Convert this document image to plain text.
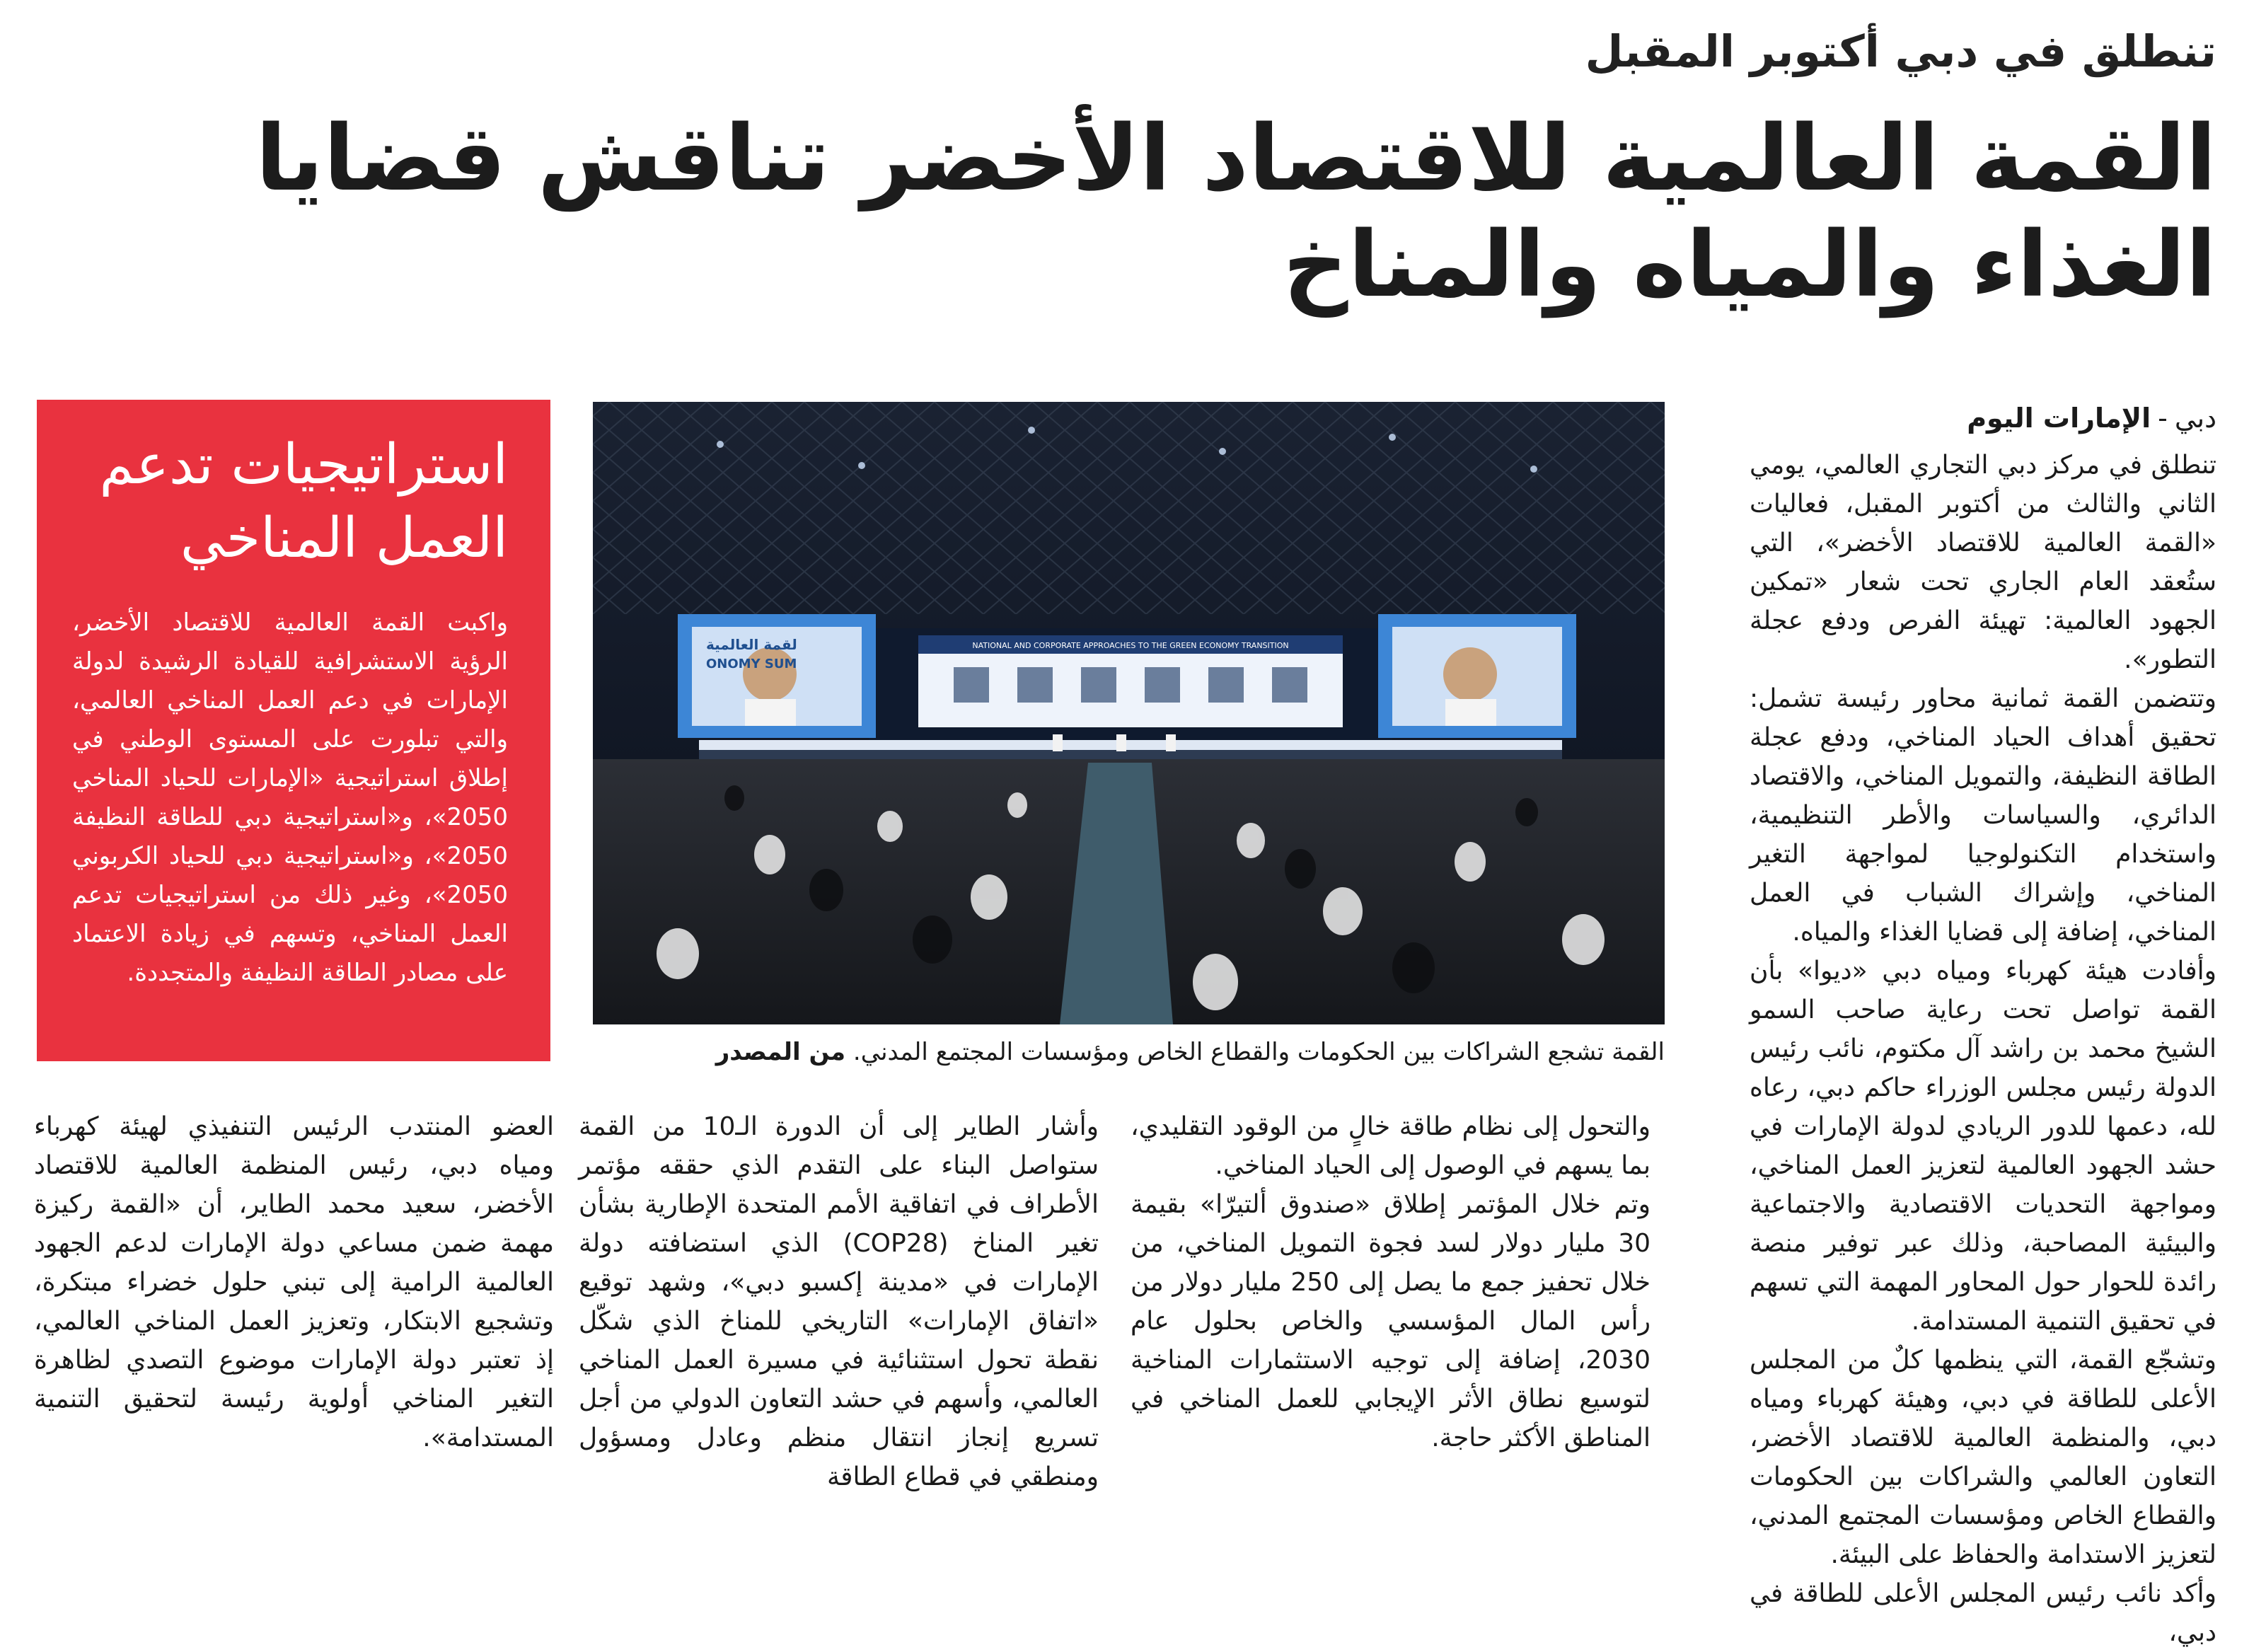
تنطلق في دبي أكتوبر المقبل
القمة العالمية للاقتصاد الأخضر تناقش قضايا الغذاء والمياه والمناخ
دبي-الإمارات اليوم

تنطلق في مركز دبي التجاري العالمي، يومي الثاني والثالث من أكتوبر المقبل، فعاليات «القمة العالمية للاقتصاد الأخضر»، التي ستُعقد العام الجاري تحت شعار «تمكين الجهود العالمية: تهيئة الفرص ودفع عجلة التطور».

وتتضمن القمة ثمانية محاور رئيسة تشمل: تحقيق أهداف الحياد المناخي، ودفع عجلة الطاقة النظيفة، والتمويل المناخي، والاقتصاد الدائري، والسياسات والأطر التنظيمية، واستخدام التكنولوجيا لمواجهة التغير المناخي، وإشراك الشباب في العمل المناخي، إضافة إلى قضايا الغذاء والمياه.

وأفادت هيئة كهرباء ومياه دبي «ديوا» بأن القمة تواصل تحت رعاية صاحب السمو الشيخ محمد بن راشد آل مكتوم، نائب رئيس الدولة رئيس مجلس الوزراء حاكم دبي، رعاه لله، دعمها للدور الريادي لدولة الإمارات في حشد الجهود العالمية لتعزيز العمل المناخي، ومواجهة التحديات الاقتصادية والاجتماعية والبيئية المصاحبة، وذلك عبر توفير منصة رائدة للحوار حول المحاور المهمة التي تسهم في تحقيق التنمية المستدامة.

وتشجّع القمة، التي ينظمها كلٌ من المجلس الأعلى للطاقة في دبي، وهيئة كهرباء ومياه دبي، والمنظمة العالمية للاقتصاد الأخضر، التعاون العالمي والشراكات بين الحكومات والقطاع الخاص ومؤسسات المجتمع المدني، لتعزيز الاستدامة والحفاظ على البيئة.

وأكد نائب رئيس المجلس الأعلى للطاقة في دبي،

لقمة العالمية
ONOMY SUM
NATIONAL AND CORPORATE APPROACHES TO THE GREEN ECONOMY TRANSITION
القمة تشجع الشراكات بين الحكومات والقطاع الخاص ومؤسسات المجتمع المدني. من المصدر
استراتيجيات تدعم العمل المناخي

واكبت القمة العالمية للاقتصاد الأخضر، الرؤية الاستشرافية للقيادة الرشيدة لدولة الإمارات في دعم العمل المناخي العالمي، والتي تبلورت على المستوى الوطني في إطلاق استراتيجية «الإمارات للحياد المناخي 2050»، و«استراتيجية دبي للطاقة النظيفة 2050»، و«استراتيجية دبي للحياد الكربوني 2050»، وغير ذلك من استراتيجيات تدعم العمل المناخي، وتسهم في زيادة الاعتماد على مصادر الطاقة النظيفة والمتجددة.

العضو المنتدب الرئيس التنفيذي لهيئة كهرباء ومياه دبي، رئيس المنظمة العالمية للاقتصاد الأخضر، سعيد محمد الطاير، أن «القمة ركيزة مهمة ضمن مساعي دولة الإمارات لدعم الجهود العالمية الرامية إلى تبني حلول خضراء مبتكرة، وتشجيع الابتكار، وتعزيز العمل المناخي العالمي، إذ تعتبر دولة الإمارات موضوع التصدي لظاهرة التغير المناخي أولوية رئيسة لتحقيق التنمية المستدامة».

وأشار الطاير إلى أن الدورة الـ10 من القمة ستواصل البناء على التقدم الذي حققه مؤتمر الأطراف في اتفاقية الأمم المتحدة الإطارية بشأن تغير المناخ (COP28) الذي استضافته دولة الإمارات في «مدينة إكسبو دبي»، وشهد توقيع «اتفاق الإمارات» التاريخي للمناخ الذي شكّل نقطة تحول استثنائية في مسيرة العمل المناخي العالمي، وأسهم في حشد التعاون الدولي من أجل تسريع إنجاز انتقال منظم وعادل ومسؤول ومنطقي في قطاع الطاقة

والتحول إلى نظام طاقة خالٍ من الوقود التقليدي، بما يسهم في الوصول إلى الحياد المناخي.

وتم خلال المؤتمر إطلاق «صندوق ألتيرّا» بقيمة 30 مليار دولار لسد فجوة التمويل المناخي، من خلال تحفيز جمع ما يصل إلى 250 مليار دولار من رأس المال المؤسسي والخاص بحلول عام 2030، إضافة إلى توجيه الاستثمارات المناخية لتوسيع نطاق الأثر الإيجابي للعمل المناخي في المناطق الأكثر حاجة.
